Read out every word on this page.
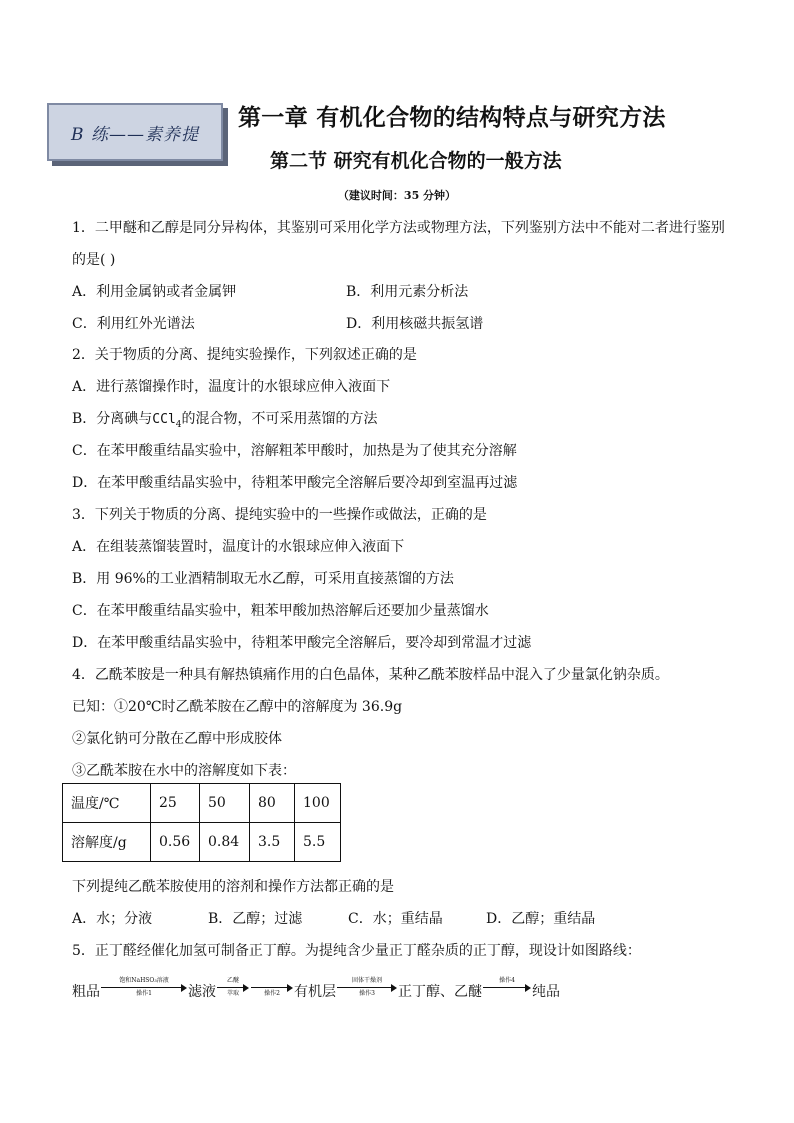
B 练——素养提
第一章 有机化合物的结构特点与研究方法
第二节 研究有机化合物的一般方法
（建议时间：35 分钟）
1．二甲醚和乙醇是同分异构体，其鉴别可采用化学方法或物理方法，下列鉴别方法中不能对二者进行鉴别
的是( )
A．利用金属钠或者金属钾	B．利用元素分析法
C．利用红外光谱法	D．利用核磁共振氢谱
2．关于物质的分离、提纯实验操作，下列叙述正确的是
A．进行蒸馏操作时，温度计的水银球应伸入液面下
B．分离碘与CCl$_4$的混合物，不可采用蒸馏的方法
C．在苯甲酸重结晶实验中，溶解粗苯甲酸时，加热是为了使其充分溶解
D．在苯甲酸重结晶实验中，待粗苯甲酸完全溶解后要冷却到室温再过滤
3．下列关于物质的分离、提纯实验中的一些操作或做法，正确的是
A．在组装蒸馏装置时，温度计的水银球应伸入液面下
B．用 96%的工业酒精制取无水乙醇，可采用直接蒸馏的方法
C．在苯甲酸重结晶实验中，粗苯甲酸加热溶解后还要加少量蒸馏水
D．在苯甲酸重结晶实验中，待粗苯甲酸完全溶解后，要冷却到常温才过滤
4．乙酰苯胺是一种具有解热镇痛作用的白色晶体，某种乙酰苯胺样品中混入了少量氯化钠杂质。
已知：①20℃时乙酰苯胺在乙醇中的溶解度为 36.9g
②氯化钠可分散在乙醇中形成胶体
③乙酰苯胺在水中的溶解度如下表：
温度/℃	25	50	80	100
溶解度/g	0.56	0.84	3.5	5.5
下列提纯乙酰苯胺使用的溶剂和操作方法都正确的是
A．水；分液	B．乙醇；过滤	C．水；重结晶	D．乙醇；重结晶
5．正丁醛经催化加氢可制备正丁醇。为提纯含少量正丁醛杂质的正丁醇，现设计如图路线：
粗品
饱和NaHSO₃溶液
操作1	滤液
乙醚
萃取	操作2	有机层
固体干燥剂
操作3	正丁醇、乙醚
操作4
纯品
